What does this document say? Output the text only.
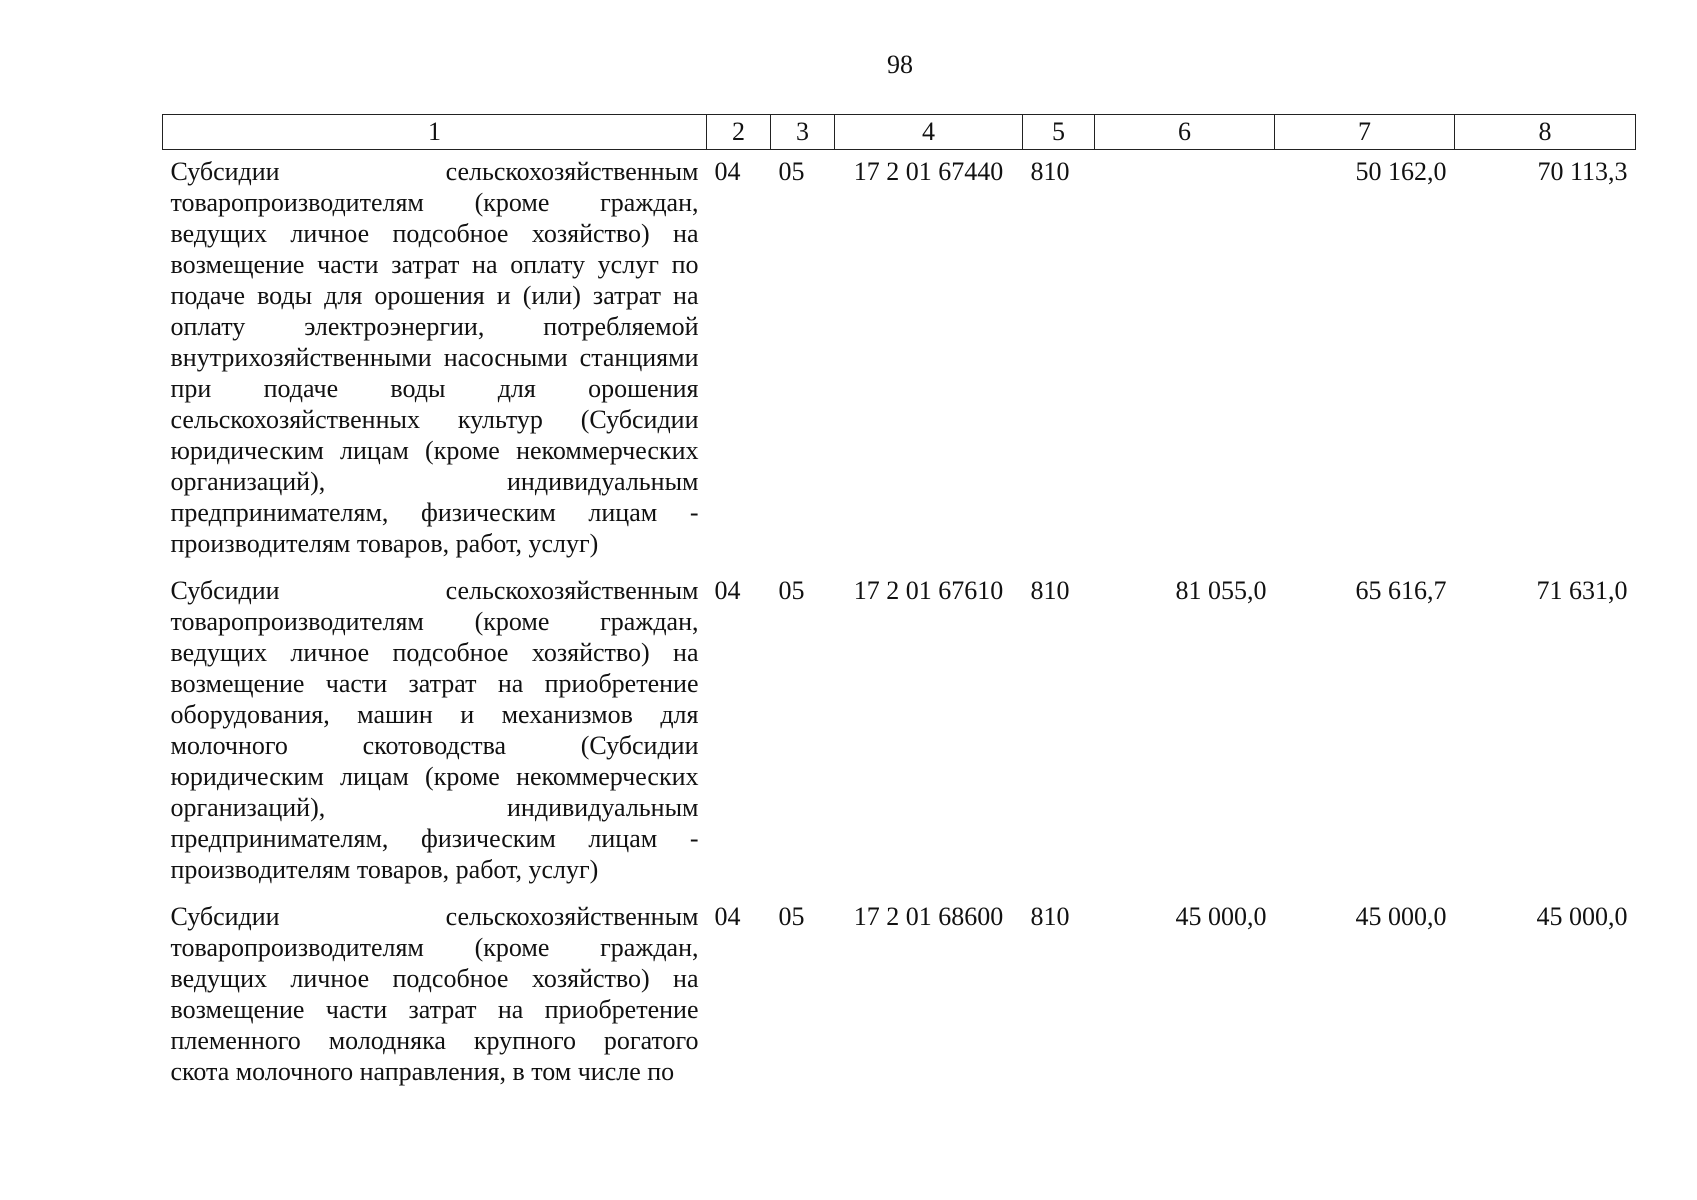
98
1	2	3	4	5	6	7	8
Субсидии сельскохозяйственным товаропроизводителям (кроме граждан, ведущих личное подсобное хозяйство) на возмещение части затрат на оплату услуг по подаче воды для орошения и (или) затрат на оплату электроэнергии, потребляемой внутрихозяйственными насосными станциями при подаче воды для орошения сельскохозяйственных культур (Субсидии юридическим лицам (кроме некоммерческих организаций), индивидуальным предпринимателям, физическим лицам - производителям товаров, работ, услуг)	04	05	17 2 01 67440	810		50 162,0	70 113,3
Субсидии сельскохозяйственным товаропроизводителям (кроме граждан, ведущих личное подсобное хозяйство) на возмещение части затрат на приобретение оборудования, машин и механизмов для молочного скотоводства (Субсидии юридическим лицам (кроме некоммерческих организаций), индивидуальным предпринимателям, физическим лицам - производителям товаров, работ, услуг)	04	05	17 2 01 67610	810	81 055,0	65 616,7	71 631,0
Субсидии сельскохозяйственным товаропроизводителям (кроме граждан, ведущих личное подсобное хозяйство) на возмещение части затрат на приобретение племенного молодняка крупного рогатого скота молочного направления, в том числе по	04	05	17 2 01 68600	810	45 000,0	45 000,0	45 000,0
